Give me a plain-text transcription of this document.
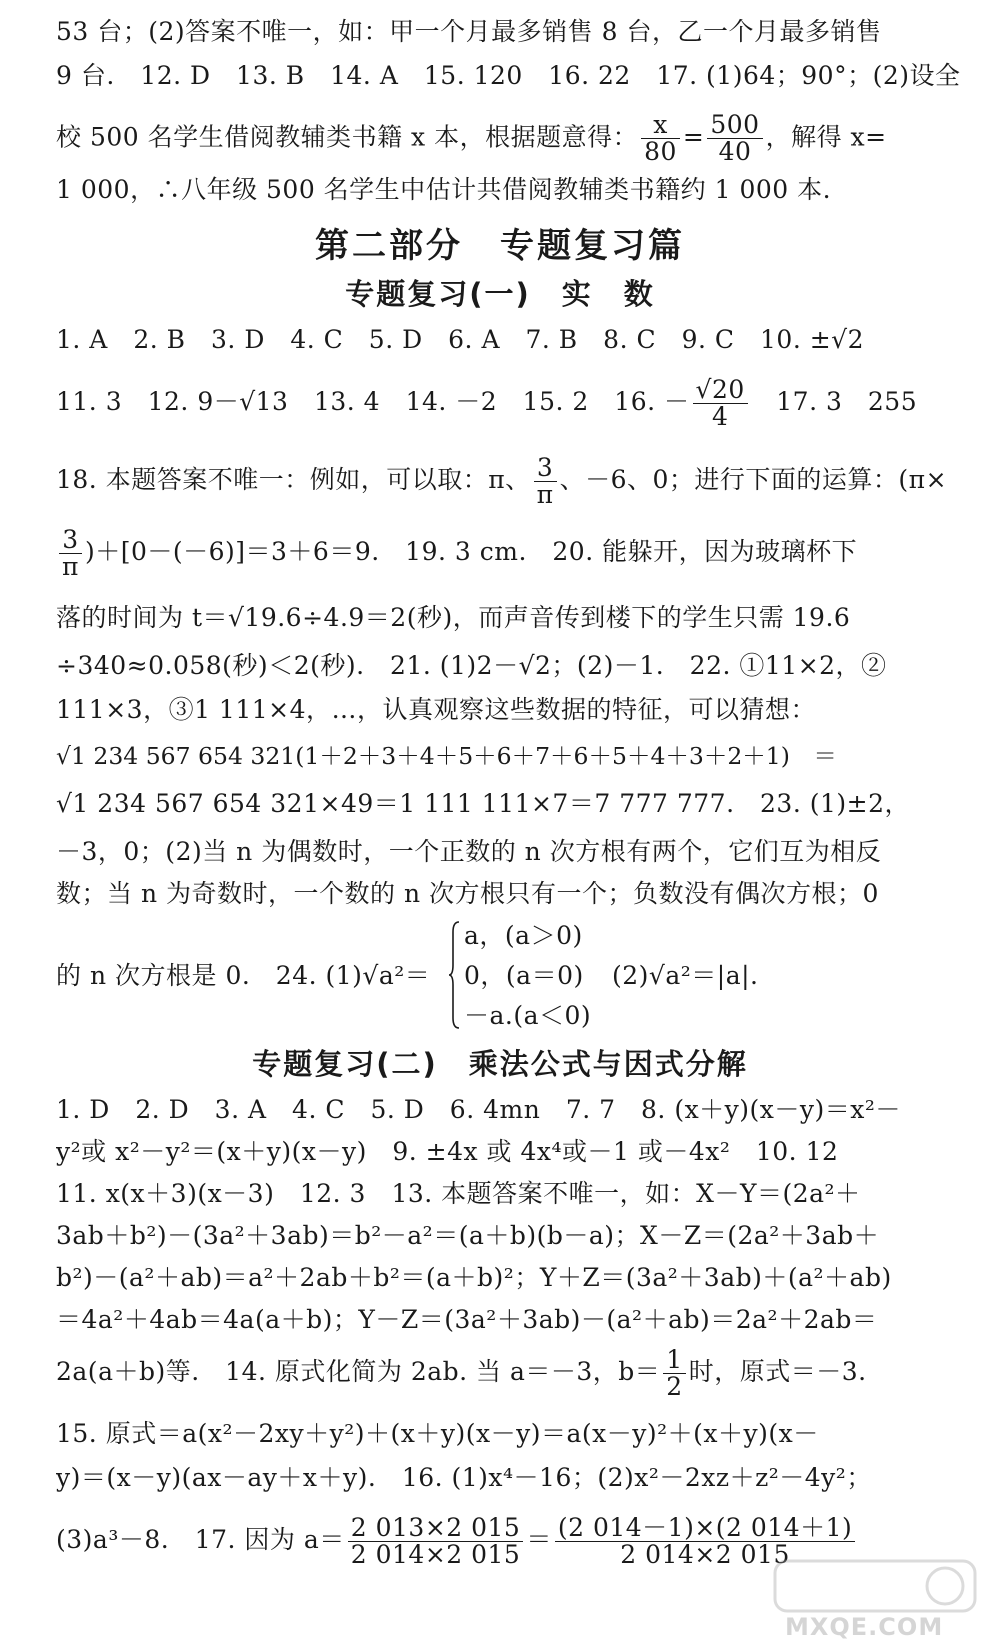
53 台；(2)答案不唯一，如：甲一个月最多销售 8 台，乙一个月最多销售
9 台.　12. D　13. B　14. A　15. 120　16. 22　17. (1)64；90°；(2)设全
校 500 名学生借阅教辅类书籍 x 本，根据题意得： $\frac{x}{80} = \frac{500}{40}$ ，解得 x=
1 000，∴八年级 500 名学生中估计共借阅教辅类书籍约 1 000 本.
第二部分　专题复习篇
专题复习(一)　实　数
1. A　2. B　3. D　4. C　5. D　6. A　7. B　8. C　9. C　10. ±√2
11. 3　12. 9－√13　13. 4　14. －2　15. 2　16. － $\frac{√20}{4}$ 　17. 3　255
18. 本题答案不唯一：例如，可以取：π、 $\frac{3}{\pi}$ 、－6、0；进行下面的运算：(π×
$\frac{3}{\pi} )+[0-(-6)]=3+6=9$.　19. 3 cm.　20. 能躲开，因为玻璃杯下
落的时间为 t＝√19.6÷4.9＝2(秒)，而声音传到楼下的学生只需 19.6
÷340≈0.058(秒)＜2(秒).　21. (1)2－√2；(2)－1.　22. ①11×2，②
111×3，③1 111×4，…，认真观察这些数据的特征，可以猜想：
√1 234 567 654 321(1＋2＋3＋4＋5＋6＋7＋6＋5＋4＋3＋2＋1)　＝
√1 234 567 654 321×49＝1 111 111×7＝7 777 777.　23. (1)±2，
－3，0；(2)当 n 为偶数时，一个正数的 n 次方根有两个，它们互为相反
数；当 n 为奇数时，一个数的 n 次方根只有一个；负数没有偶次方根；0
的 n 次方根是 0.　24. (1)√a²＝
a，(a＞0)
0，(a＝0)
－a.(a＜0)
(2)√a²＝|a|.
专题复习(二)　乘法公式与因式分解
1. D　2. D　3. A　4. C　5. D　6. 4mn　7. 7　8. (x＋y)(x－y)＝x²－
y²或 x²－y²＝(x＋y)(x－y)　9. ±4x 或 4x⁴或－1 或－4x²　10. 12
11. x(x＋3)(x－3)　12. 3　13. 本题答案不唯一，如：X－Y＝(2a²＋
3ab＋b²)－(3a²＋3ab)＝b²－a²＝(a＋b)(b－a)；X－Z＝(2a²＋3ab＋
b²)－(a²＋ab)＝a²＋2ab＋b²＝(a＋b)²；Y＋Z＝(3a²＋3ab)＋(a²＋ab)
＝4a²＋4ab＝4a(a＋b)；Y－Z＝(3a²＋3ab)－(a²＋ab)＝2a²＋2ab＝
2a(a＋b)等.　14. 原式化简为 2ab. 当 a＝－3，$b= \frac{1}{2}$ 时，原式＝－3.
15. 原式＝a(x²－2xy＋y²)＋(x＋y)(x－y)＝a(x－y)²＋(x＋y)(x－
y)＝(x－y)(ax－ay＋x＋y).　16. (1)x⁴－16；(2)x²－2xz＋z²－4y²；
(3)a³－8.　17. 因为 $a= \frac{2 013\times 2 015}{2 014\times 2 015} = \frac{(2 014-1)\times(2 014+1)}{2 014\times 2 015}$
MXQE.COM
